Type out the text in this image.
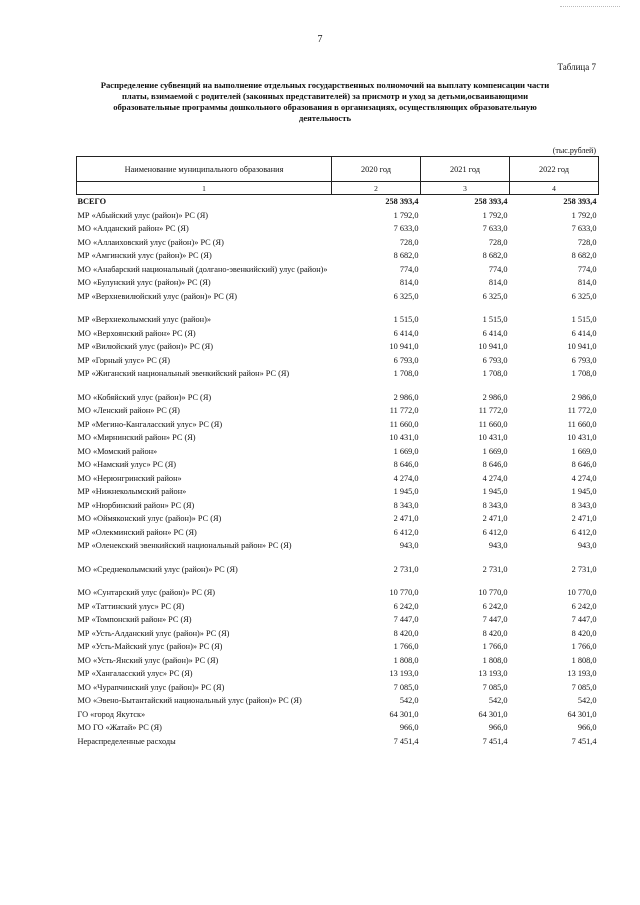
7
Таблица 7
Распределение субвенций на выполнение отдельных государственных полномочий на выплату компенсации части платы, взимаемой с родителей (законных представителей) за присмотр и уход за детьми,осваивающими образовательные программы дошкольного образования в организациях, осуществляющих образовательную деятельность
(тыс.рублей)
Наименование муниципального образования	2020 год	2021 год	2022 год
1	2	3	4
ВСЕГО	258 393,4	258 393,4	258 393,4
МР «Абыйский улус (район)» РС (Я)	1 792,0	1 792,0	1 792,0
МО «Алданский район» РС (Я)	7 633,0	7 633,0	7 633,0
МО «Аллаиховский улус (район)» РС (Я)	728,0	728,0	728,0
МР «Амгинский улус (район)» РС (Я)	8 682,0	8 682,0	8 682,0
МО «Анабарский национальный (долгано-эвенкийский) улус (район)»	774,0	774,0	774,0
МО «Булунский улус (район)» РС (Я)	814,0	814,0	814,0
МР «Верхневилюйский улус (район)» РС (Я)	6 325,0	6 325,0	6 325,0
МР «Верхнеколымский улус (район)»	1 515,0	1 515,0	1 515,0
МО «Верхоянский район» РС (Я)	6 414,0	6 414,0	6 414,0
МР «Вилюйский улус (район)» РС (Я)	10 941,0	10 941,0	10 941,0
МР «Горный улус» РС (Я)	6 793,0	6 793,0	6 793,0
МР «Жиганский национальный эвенкийский район» РС (Я)	1 708,0	1 708,0	1 708,0
МО «Кобяйский улус (район)» РС (Я)	2 986,0	2 986,0	2 986,0
МО «Ленский район» РС (Я)	11 772,0	11 772,0	11 772,0
МР «Мегино-Кангаласский улус» РС (Я)	11 660,0	11 660,0	11 660,0
МО «Мирнинский район» РС (Я)	10 431,0	10 431,0	10 431,0
МО «Момский район»	1 669,0	1 669,0	1 669,0
МО «Намский улус» РС (Я)	8 646,0	8 646,0	8 646,0
МО «Нерюнгринский район»	4 274,0	4 274,0	4 274,0
МР «Нижнеколымский район»	1 945,0	1 945,0	1 945,0
МР «Нюрбинский район» РС (Я)	8 343,0	8 343,0	8 343,0
МО «Оймяконский улус (район)» РС (Я)	2 471,0	2 471,0	2 471,0
МР «Олекминский район» РС (Я)	6 412,0	6 412,0	6 412,0
МР «Оленекский эвенкийский национальный район» РС (Я)	943,0	943,0	943,0
МО «Среднеколымский улус (район)» РС (Я)	2 731,0	2 731,0	2 731,0
МО «Сунтарский улус (район)» РС (Я)	10 770,0	10 770,0	10 770,0
МР «Таттинский улус» РС (Я)	6 242,0	6 242,0	6 242,0
МР «Томпонский район» РС (Я)	7 447,0	7 447,0	7 447,0
МР «Усть-Алданский улус (район)» РС (Я)	8 420,0	8 420,0	8 420,0
МР «Усть-Майский улус (район)» РС (Я)	1 766,0	1 766,0	1 766,0
МО «Усть-Янский улус (район)» РС (Я)	1 808,0	1 808,0	1 808,0
МР «Хангаласский улус» РС (Я)	13 193,0	13 193,0	13 193,0
МО «Чурапчинский улус (район)» РС (Я)	7 085,0	7 085,0	7 085,0
МО «Эвено-Бытантайский национальный улус (район)» РС (Я)	542,0	542,0	542,0
ГО «город Якутск»	64 301,0	64 301,0	64 301,0
МО ГО «Жатай» РС (Я)	966,0	966,0	966,0
Нераспределенные расходы	7 451,4	7 451,4	7 451,4
